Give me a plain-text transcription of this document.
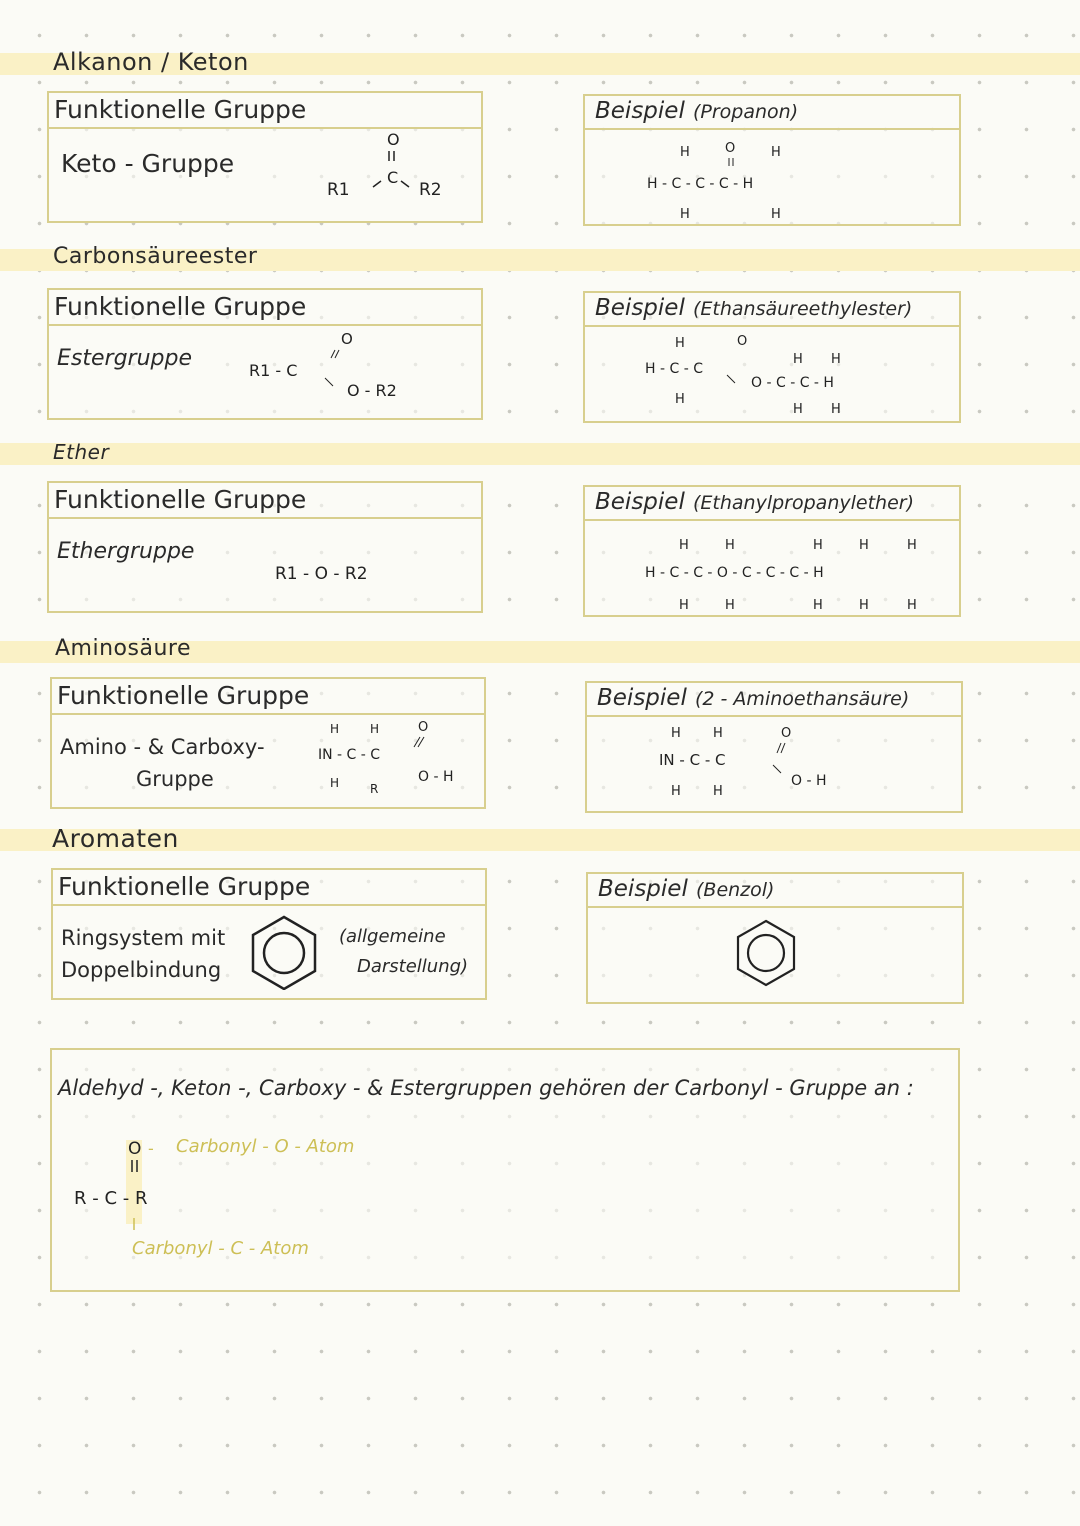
Alkanon / Keton
Funktionelle Gruppe
Keto - Gruppe
O
C
R1	R2
Beispiel (Propanon)
H	O	H
H - C - C - C - H
H	H
Carbonsäureester
Funktionelle Gruppe
Estergruppe
O
R1 - C
O - R2
Beispiel (Ethansäureethylester)
H	O
H - C - C
H
H H
O - C - C - H
H H
Ether
Funktionelle Gruppe
Ethergruppe
R1 - O - R2
Beispiel (Ethanylpropanylether)
H	H	H	H	H
H - C - C - O - C - C - C - H
H	H	H	H	H
Aminosäure
Funktionelle Gruppe
Amino - & Carboxy-
Gruppe
H	H	O
IN - C - C
H	R
O - H
Beispiel (2 - Aminoethansäure)
H H	O
IN - C - C
H H
O - H
Aromaten
Funktionelle Gruppe
Ringsystem mit
Doppelbindung
(allgemeine
Darstellung)
Beispiel (Benzol)
Aldehyd -, Keton -, Carboxy - & Estergruppen gehören der Carbonyl - Gruppe an :
O
R - C - R
- Carbonyl - O - Atom
Carbonyl - C - Atom
